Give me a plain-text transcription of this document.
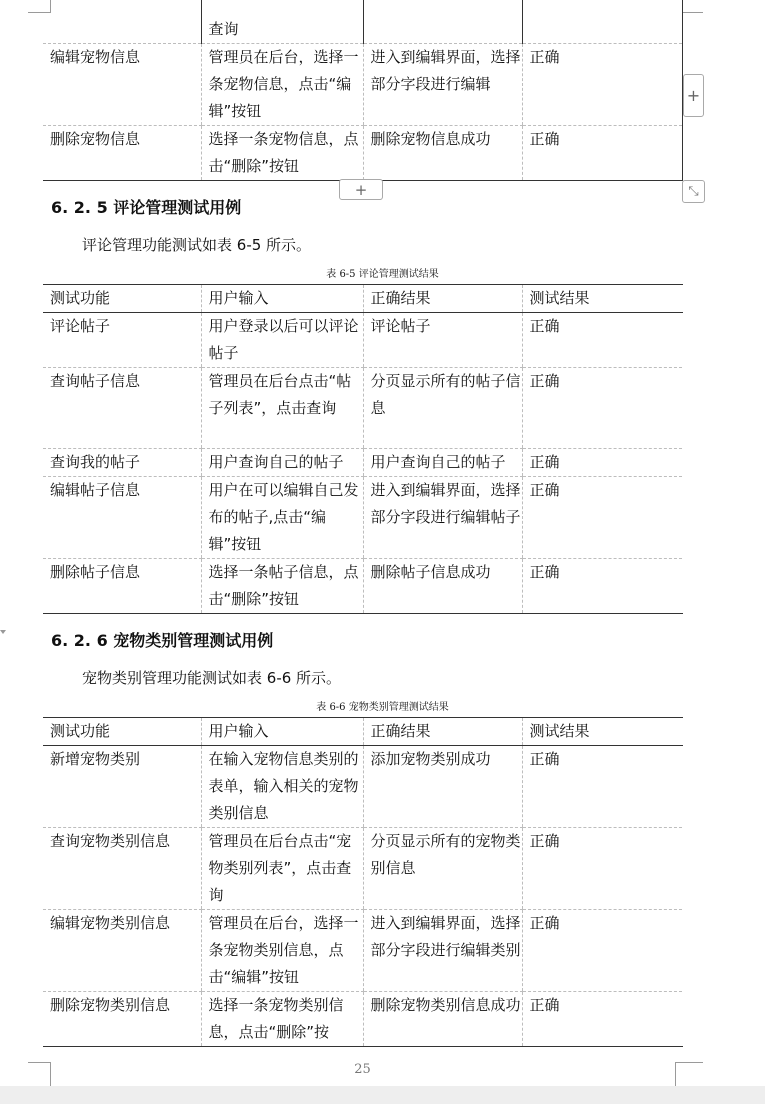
	查询		
编辑宠物信息	管理员在后台，选择一条宠物信息，点击“编辑”按钮	进入到编辑界面，选择部分字段进行编辑	正确
删除宠物信息	选择一条宠物信息，点击“删除”按钮	删除宠物信息成功	正确
+
+	⤡
6. 2. 5 评论管理测试用例
评论管理功能测试如表 6-5 所示。
表 6-5 评论管理测试结果
测试功能	用户输入	正确结果	测试结果
评论帖子	用户登录以后可以评论帖子	评论帖子	正确
查询帖子信息	管理员在后台点击“帖子列表”，点击查询	分页显示所有的帖子信息	正确
查询我的帖子	用户查询自己的帖子	用户查询自己的帖子	正确
编辑帖子信息	用户在可以编辑自己发布的帖子,点击“编辑”按钮	进入到编辑界面，选择部分字段进行编辑帖子	正确
删除帖子信息	选择一条帖子信息，点击“删除”按钮	删除帖子信息成功	正确
6. 2. 6 宠物类别管理测试用例
宠物类别管理功能测试如表 6-6 所示。
表 6-6 宠物类别管理测试结果
测试功能	用户输入	正确结果	测试结果
新增宠物类别	在输入宠物信息类别的表单，输入相关的宠物类别信息	添加宠物类别成功	正确
查询宠物类别信息	管理员在后台点击“宠物类别列表”，点击查询	分页显示所有的宠物类别信息	正确
编辑宠物类别信息	管理员在后台，选择一条宠物类别信息，点击“编辑”按钮	进入到编辑界面，选择部分字段进行编辑类别	正确
删除宠物类别信息	选择一条宠物类别信息，点击“删除”按	删除宠物类别信息成功	正确
25
